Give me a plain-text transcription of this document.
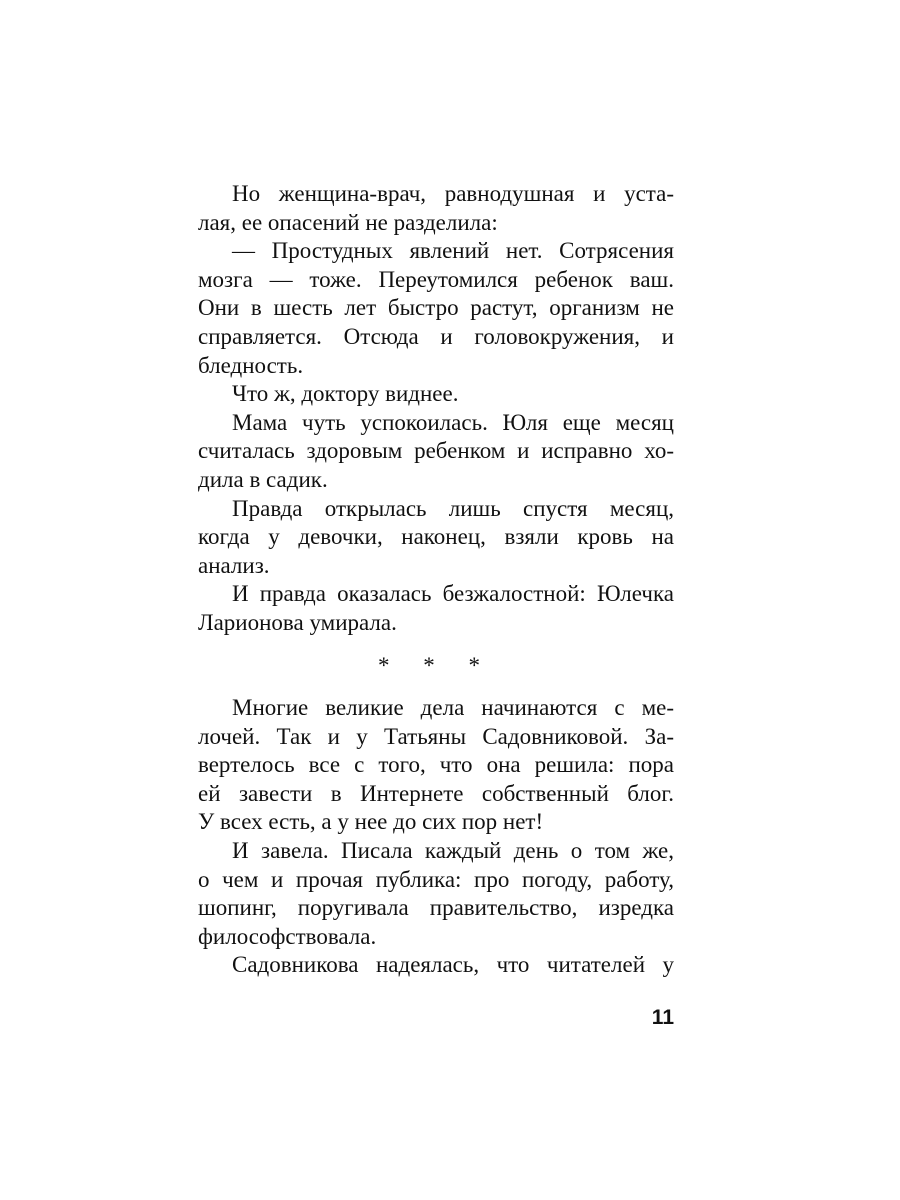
Но женщина-врач, равнодушная и уста-
лая, ее опасений не разделила:
— Простудных явлений нет. Сотрясения
мозга — тоже. Переутомился ребенок ваш.
Они в шесть лет быстро растут, организм не
справляется. Отсюда и головокружения, и
бледность.
Что ж, доктору виднее.
Мама чуть успокоилась. Юля еще месяц
считалась здоровым ребенком и исправно хо-
дила в садик.
Правда открылась лишь спустя месяц,
когда у девочки, наконец, взяли кровь на
анализ.
И правда оказалась безжалостной: Юлечка
Ларионова умирала.
* * *
Многие великие дела начинаются с ме-
лочей. Так и у Татьяны Садовниковой. За-
вертелось все с того, что она решила: пора
ей завести в Интернете собственный блог.
У всех есть, а у нее до сих пор нет!
И завела. Писала каждый день о том же,
о чем и прочая публика: про погоду, работу,
шопинг, поругивала правительство, изредка
философствовала.
Садовникова надеялась, что читателей у
11
